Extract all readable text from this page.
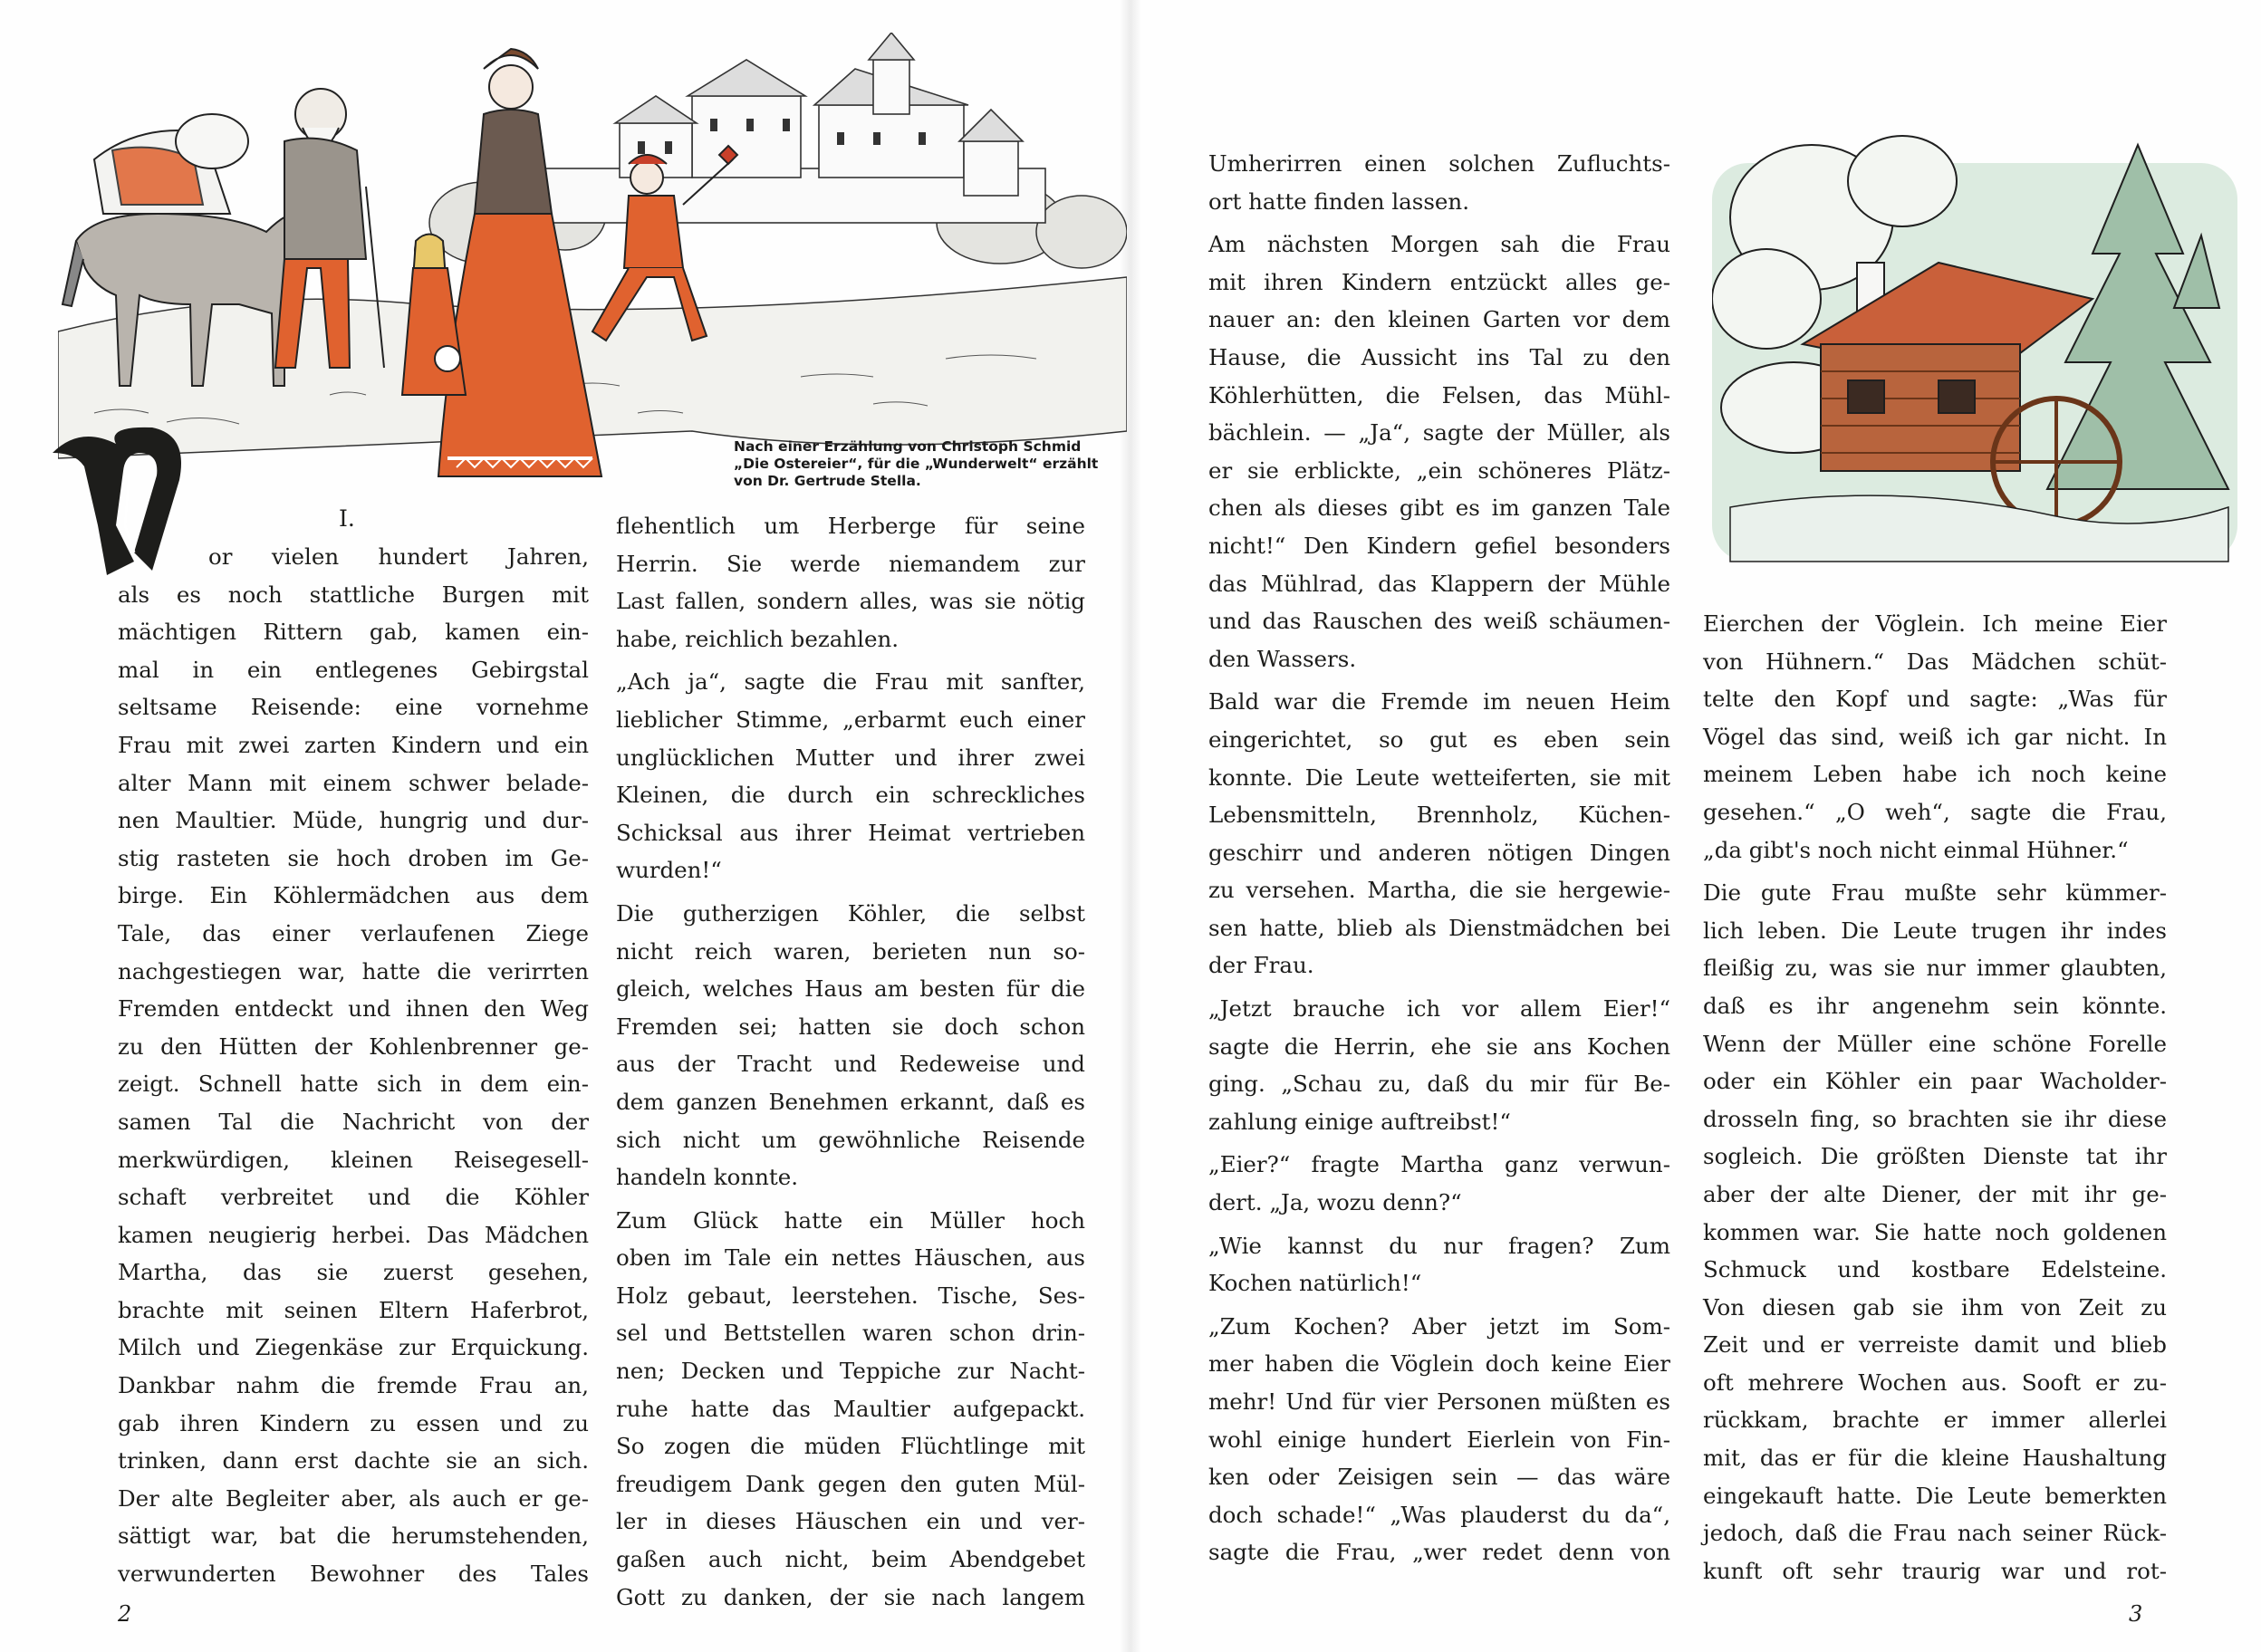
Nach einer Erzählung von Christoph Schmid
„Die Ostereier“, für die „Wunderwelt“ erzählt
von Dr. Gertrude Stella.
I.
or vielen hundert Jahren,
als es noch stattliche Burgen mit
mächtigen Rittern gab, kamen ein-
mal in ein entlegenes Gebirgstal
seltsame Reisende: eine vornehme
Frau mit zwei zarten Kindern und ein
alter Mann mit einem schwer belade-
nen Maultier. Müde, hungrig und dur-
stig rasteten sie hoch droben im Ge-
birge. Ein Köhlermädchen aus dem
Tale, das einer verlaufenen Ziege
nachgestiegen war, hatte die verirrten
Fremden entdeckt und ihnen den Weg
zu den Hütten der Kohlenbrenner ge-
zeigt. Schnell hatte sich in dem ein-
samen Tal die Nachricht von der
merkwürdigen, kleinen Reisegesell-
schaft verbreitet und die Köhler
kamen neugierig herbei. Das Mädchen
Martha, das sie zuerst gesehen,
brachte mit seinen Eltern Haferbrot,
Milch und Ziegenkäse zur Erquickung.
Dankbar nahm die fremde Frau an,
gab ihren Kindern zu essen und zu
trinken, dann erst dachte sie an sich.
Der alte Begleiter aber, als auch er ge-
sättigt war, bat die herumstehenden,
verwunderten Bewohner des Tales
flehentlich um Herberge für seine
Herrin. Sie werde niemandem zur
Last fallen, sondern alles, was sie nötig
habe, reichlich bezahlen.
„Ach ja“, sagte die Frau mit sanfter,
lieblicher Stimme, „erbarmt euch einer
unglücklichen Mutter und ihrer zwei
Kleinen, die durch ein schreckliches
Schicksal aus ihrer Heimat vertrieben
wurden!“
Die gutherzigen Köhler, die selbst
nicht reich waren, berieten nun so-
gleich, welches Haus am besten für die
Fremden sei; hatten sie doch schon
aus der Tracht und Redeweise und
dem ganzen Benehmen erkannt, daß es
sich nicht um gewöhnliche Reisende
handeln konnte.
Zum Glück hatte ein Müller hoch
oben im Tale ein nettes Häuschen, aus
Holz gebaut, leerstehen. Tische, Ses-
sel und Bettstellen waren schon drin-
nen; Decken und Teppiche zur Nacht-
ruhe hatte das Maultier aufgepackt.
So zogen die müden Flüchtlinge mit
freudigem Dank gegen den guten Mül-
ler in dieses Häuschen ein und ver-
gaßen auch nicht, beim Abendgebet
Gott zu danken, der sie nach langem
Umherirren einen solchen Zufluchts-
ort hatte finden lassen.
Am nächsten Morgen sah die Frau
mit ihren Kindern entzückt alles ge-
nauer an: den kleinen Garten vor dem
Hause, die Aussicht ins Tal zu den
Köhlerhütten, die Felsen, das Mühl-
bächlein. — „Ja“, sagte der Müller, als
er sie erblickte, „ein schöneres Plätz-
chen als dieses gibt es im ganzen Tale
nicht!“ Den Kindern gefiel besonders
das Mühlrad, das Klappern der Mühle
und das Rauschen des weiß schäumen-
den Wassers.
Bald war die Fremde im neuen Heim
eingerichtet, so gut es eben sein
konnte. Die Leute wetteiferten, sie mit
Lebensmitteln, Brennholz, Küchen-
geschirr und anderen nötigen Dingen
zu versehen. Martha, die sie hergewie-
sen hatte, blieb als Dienstmädchen bei
der Frau.
„Jetzt brauche ich vor allem Eier!“
sagte die Herrin, ehe sie ans Kochen
ging. „Schau zu, daß du mir für Be-
zahlung einige auftreibst!“
„Eier?“ fragte Martha ganz verwun-
dert. „Ja, wozu denn?“
„Wie kannst du nur fragen? Zum
Kochen natürlich!“
„Zum Kochen? Aber jetzt im Som-
mer haben die Vöglein doch keine Eier
mehr! Und für vier Personen müßten es
wohl einige hundert Eierlein von Fin-
ken oder Zeisigen sein — das wäre
doch schade!“ „Was plauderst du da“,
sagte die Frau, „wer redet denn von
Eierchen der Vöglein. Ich meine Eier
von Hühnern.“ Das Mädchen schüt-
telte den Kopf und sagte: „Was für
Vögel das sind, weiß ich gar nicht. In
meinem Leben habe ich noch keine
gesehen.“ „O weh“, sagte die Frau,
„da gibt's noch nicht einmal Hühner.“
Die gute Frau mußte sehr kümmer-
lich leben. Die Leute trugen ihr indes
fleißig zu, was sie nur immer glaubten,
daß es ihr angenehm sein könnte.
Wenn der Müller eine schöne Forelle
oder ein Köhler ein paar Wacholder-
drosseln fing, so brachten sie ihr diese
sogleich. Die größten Dienste tat ihr
aber der alte Diener, der mit ihr ge-
kommen war. Sie hatte noch goldenen
Schmuck und kostbare Edelsteine.
Von diesen gab sie ihm von Zeit zu
Zeit und er verreiste damit und blieb
oft mehrere Wochen aus. Sooft er zu-
rückkam, brachte er immer allerlei
mit, das er für die kleine Haushaltung
eingekauft hatte. Die Leute bemerkten
jedoch, daß die Frau nach seiner Rück-
kunft oft sehr traurig war und rot-
2	3
